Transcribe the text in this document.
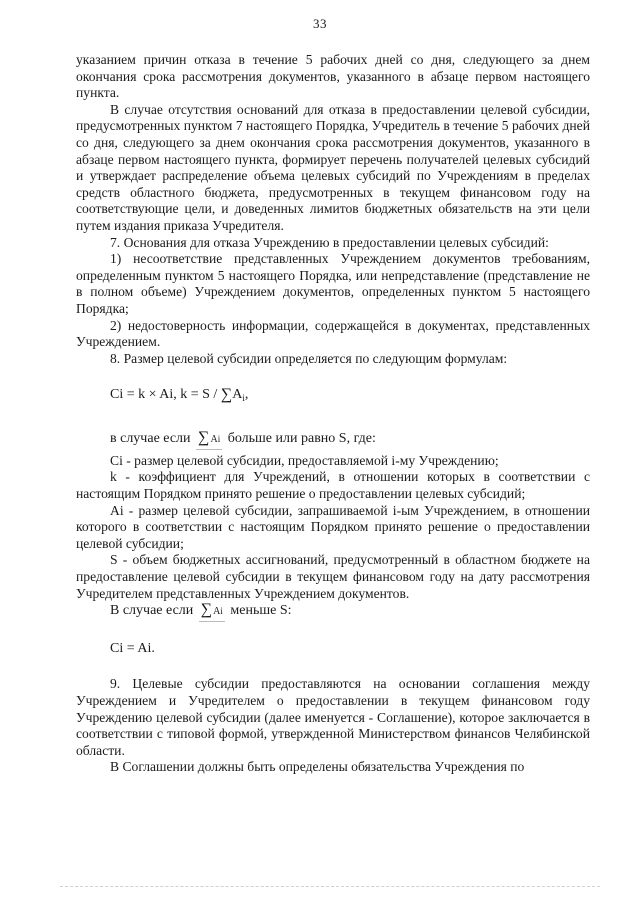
33

указанием причин отказа в течение 5 рабочих дней со дня, следующего за днем окончания срока рассмотрения документов, указанного в абзаце первом настоящего пункта.

В случае отсутствия оснований для отказа в предоставлении целевой субсидии, предусмотренных пунктом 7 настоящего Порядка, Учредитель в течение 5 рабочих дней со дня, следующего за днем окончания срока рассмотрения документов, указанного в абзаце первом настоящего пункта, формирует перечень получателей целевых субсидий и утверждает распределение объема целевых субсидий по Учреждениям в пределах средств областного бюджета, предусмотренных в текущем финансовом году на соответствующие цели, и доведенных лимитов бюджетных обязательств на эти цели путем издания приказа Учредителя.

7. Основания для отказа Учреждению в предоставлении целевых субсидий:

1) несоответствие представленных Учреждением документов требованиям, определенным пунктом 5 настоящего Порядка, или непредставление (представление не в полном объеме) Учреждением документов, определенных пунктом 5 настоящего Порядка;

2) недостоверность информации, содержащейся в документах, представленных Учреждением.

8. Размер целевой субсидии определяется по следующим формулам:

Ci = k × Ai, $k = S / \sum A_i$,
в случае если ∑ A i больше или равно S, где:

Ci - размер целевой субсидии, предоставляемой i-му Учреждению;

k - коэффициент для Учреждений, в отношении которых в соответствии с настоящим Порядком принято решение о предоставлении целевых субсидий;

Ai - размер целевой субсидии, запрашиваемой i-ым Учреждением, в отношении которого в соответствии с настоящим Порядком принято решение о предоставлении целевой субсидии;

S - объем бюджетных ассигнований, предусмотренный в областном бюджете на предоставление целевой субсидии в текущем финансовом году на дату рассмотрения Учредителем представленных Учреждением документов.

В случае если ∑ A i меньше S:
Ci = Ai.

9. Целевые субсидии предоставляются на основании соглашения между Учреждением и Учредителем о предоставлении в текущем финансовом году Учреждению целевой субсидии (далее именуется - Соглашение), которое заключается в соответствии с типовой формой, утвержденной Министерством финансов Челябинской области.

В Соглашении должны быть определены обязательства Учреждения по
